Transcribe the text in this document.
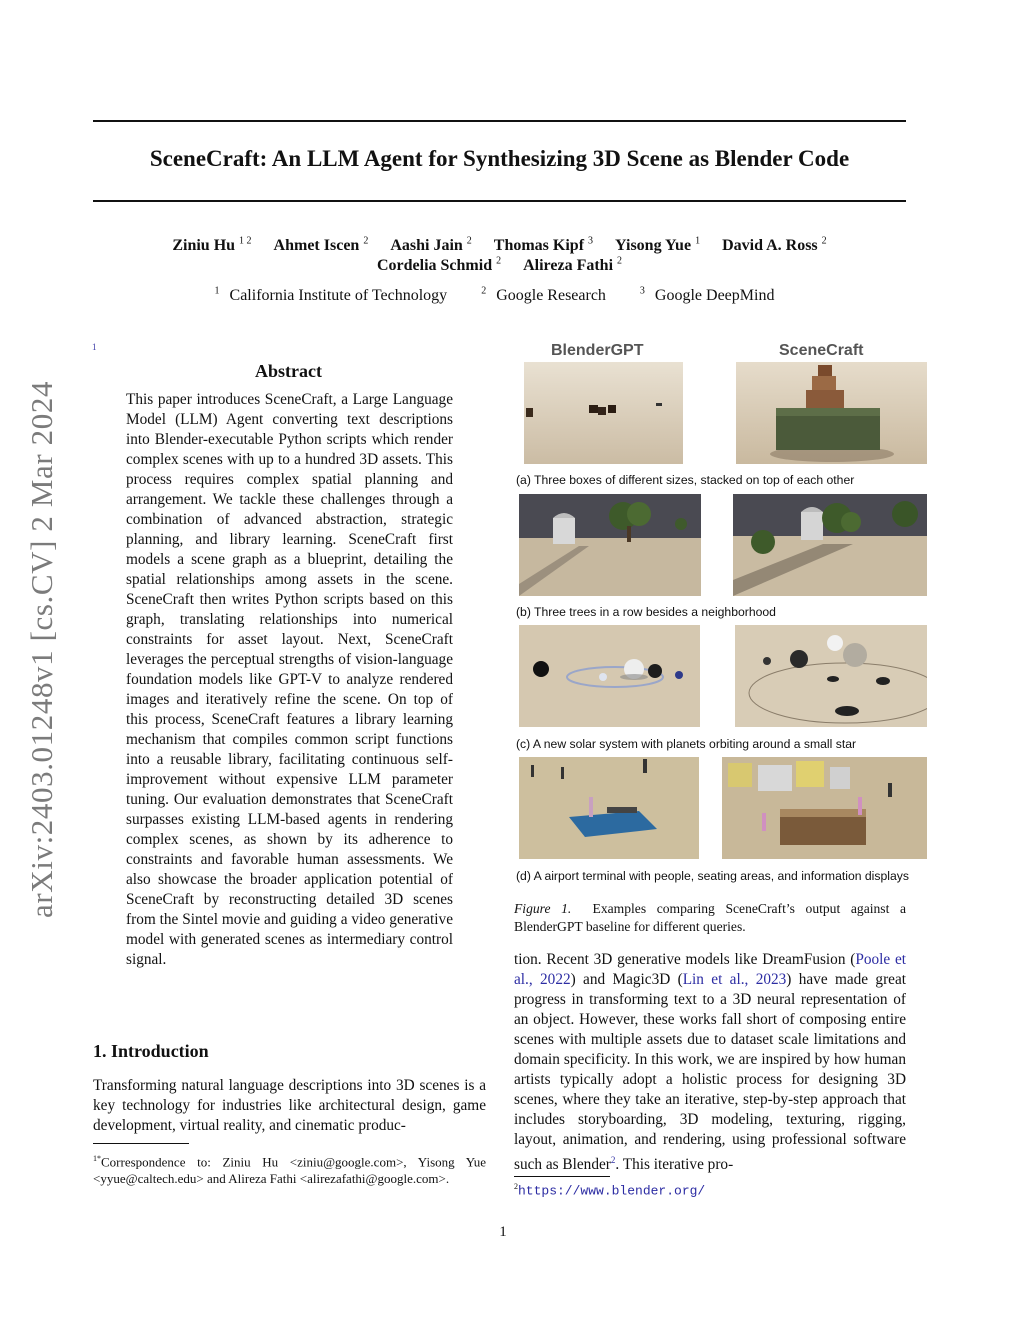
arXiv:2403.01248v1 [cs.CV] 2 Mar 2024
SceneCraft: An LLM Agent for Synthesizing 3D Scene as Blender Code
Ziniu Hu $^{1 2}$ Ahmet Iscen $^2$ Aashi Jain $^2$ Thomas Kipf $^3$ Yisong Yue $^1$ David A. Ross $^2$
Cordelia Schmid $^2$ Alireza Fathi $^2$
$^1$ California Institute of Technology	$^2$ Google Research	$^3$ Google DeepMind
1
Abstract
This paper introduces SceneCraft, a Large Language Model (LLM) Agent converting text descriptions into Blender-executable Python scripts which render complex scenes with up to a hundred 3D assets. This process requires complex spatial planning and arrangement. We tackle these challenges through a combination of advanced abstraction, strategic planning, and library learning. SceneCraft first models a scene graph as a blueprint, detailing the spatial relationships among assets in the scene. SceneCraft then writes Python scripts based on this graph, translating relationships into numerical constraints for asset layout. Next, SceneCraft leverages the perceptual strengths of vision-language foundation models like GPT-V to analyze rendered images and iteratively refine the scene. On top of this process, SceneCraft features a library learning mechanism that compiles common script functions into a reusable library, facilitating continuous self-improvement without expensive LLM parameter tuning. Our evaluation demonstrates that SceneCraft surpasses existing LLM-based agents in rendering complex scenes, as shown by its adherence to constraints and favorable human assessments. We also showcase the broader application potential of SceneCraft by reconstructing detailed 3D scenes from the Sintel movie and guiding a video generative model with generated scenes as intermediary control signal.
1. Introduction
Transforming natural language descriptions into 3D scenes is a key technology for industries like architectural design, game development, virtual reality, and cinematic produc-
$^{1*}$Correspondence to: Ziniu Hu <ziniu@google.com>, Yisong Yue <yyue@caltech.edu> and Alireza Fathi <alirezafathi@google.com>.
BlenderGPT	SceneCraft
(a) Three boxes of different sizes, stacked on top of each other
(b) Three trees in a row besides a neighborhood
(c) A new solar system with planets orbiting around a small star
(d) A airport terminal with people, seating areas, and information displays
Figure 1. Examples comparing SceneCraft’s output against a BlenderGPT baseline for different queries.
tion. Recent 3D generative models like DreamFusion (Poole et al., 2022) and Magic3D (Lin et al., 2023) have made great progress in transforming text to a 3D neural representation of an object. However, these works fall short of composing entire scenes with multiple assets due to dataset scale limitations and domain specificity. In this work, we are inspired by how human artists typically adopt a holistic process for designing 3D scenes, where they take an iterative, step-by-step approach that includes storyboarding, 3D modeling, texturing, rigging, layout, animation, and rendering, using professional software such as Blender$^2$. This iterative pro-
$^2$https://www.blender.org/
1
